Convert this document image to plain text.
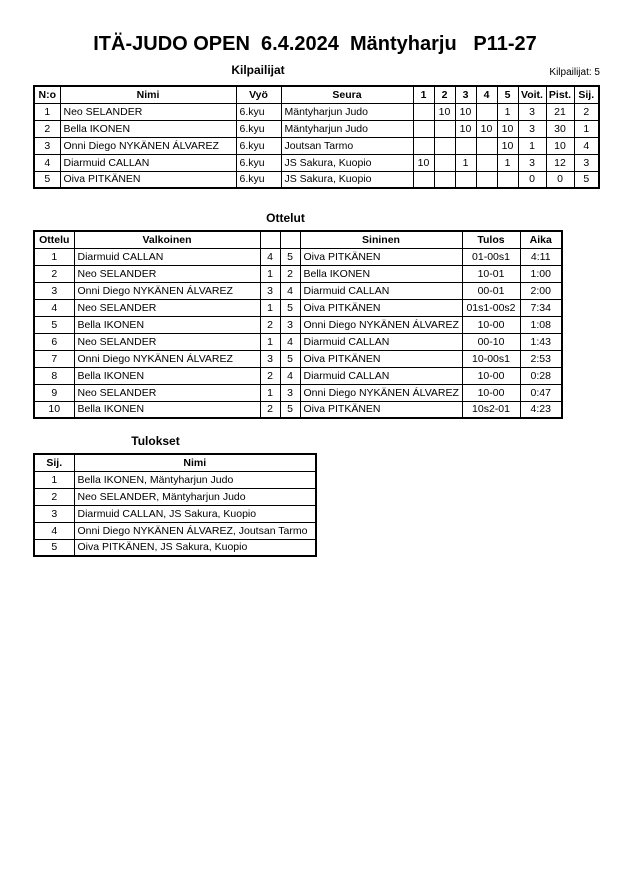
ITÄ-JUDO OPEN  6.4.2024  Mäntyharju   P11-27
Kilpailijat	Kilpailijat: 5
N:o	Nimi	Vyö	Seura	1	2	3	4	5	Voit.	Pist.	Sij.
1	Neo SELANDER	6.kyu	Mäntyharjun Judo		10	10		1	3	21	2
2	Bella IKONEN	6.kyu	Mäntyharjun Judo			10	10	10	3	30	1
3	Onni Diego NYKÄNEN ÁLVAREZ	6.kyu	Joutsan Tarmo					10	1	10	4
4	Diarmuid CALLAN	6.kyu	JS Sakura, Kuopio	10		1		1	3	12	3
5	Oiva PITKÄNEN	6.kyu	JS Sakura, Kuopio						0	0	5
Ottelut
Ottelu	Valkoinen			Sininen	Tulos	Aika
1	Diarmuid CALLAN	4	5	Oiva PITKÄNEN	01-00s1	4:11
2	Neo SELANDER	1	2	Bella IKONEN	10-01	1:00
3	Onni Diego NYKÄNEN ÁLVAREZ	3	4	Diarmuid CALLAN	00-01	2:00
4	Neo SELANDER	1	5	Oiva PITKÄNEN	01s1-00s2	7:34
5	Bella IKONEN	2	3	Onni Diego NYKÄNEN ÁLVAREZ	10-00	1:08
6	Neo SELANDER	1	4	Diarmuid CALLAN	00-10	1:43
7	Onni Diego NYKÄNEN ÁLVAREZ	3	5	Oiva PITKÄNEN	10-00s1	2:53
8	Bella IKONEN	2	4	Diarmuid CALLAN	10-00	0:28
9	Neo SELANDER	1	3	Onni Diego NYKÄNEN ÁLVAREZ	10-00	0:47
10	Bella IKONEN	2	5	Oiva PITKÄNEN	10s2-01	4:23
Tulokset
Sij.	Nimi
1	Bella IKONEN, Mäntyharjun Judo
2	Neo SELANDER, Mäntyharjun Judo
3	Diarmuid CALLAN, JS Sakura, Kuopio
4	Onni Diego NYKÄNEN ÁLVAREZ, Joutsan Tarmo
5	Oiva PITKÄNEN, JS Sakura, Kuopio
